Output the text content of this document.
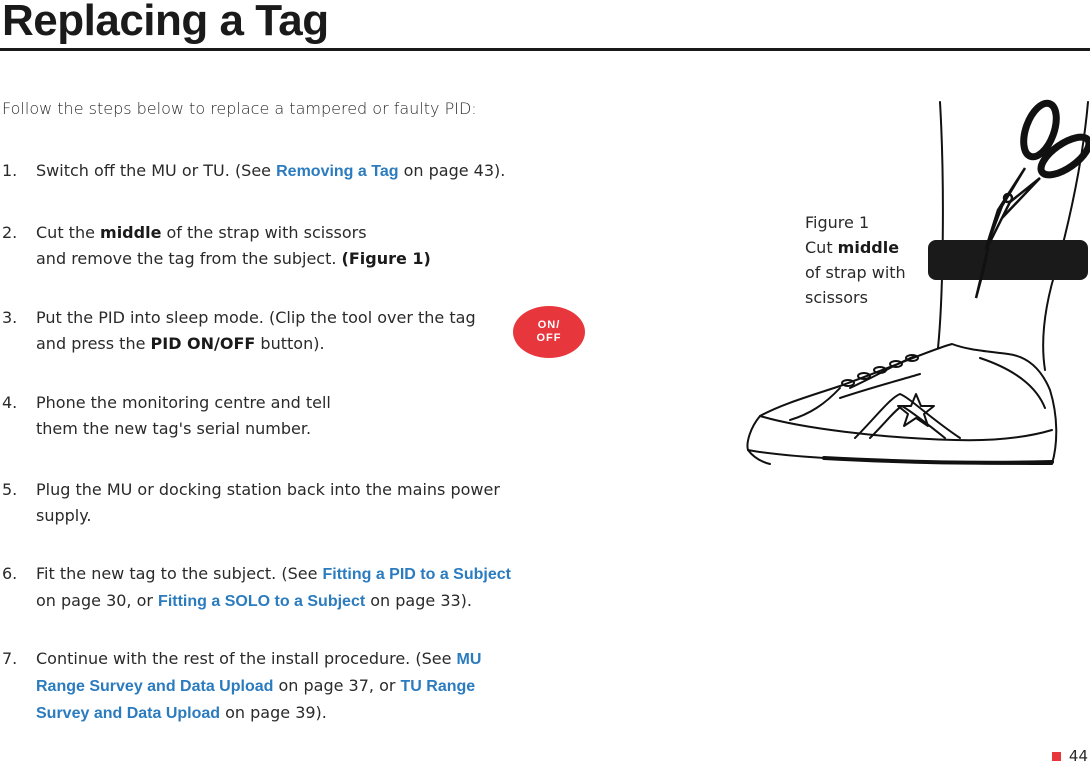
Replacing a Tag
Follow the steps below to replace a tampered or faulty PID:
1. Switch off the MU or TU. (See Removing a Tag on page 43).
2. Cut the middle of the strap with scissors
and remove the tag from the subject. (Figure 1)
3. Put the PID into sleep mode. (Clip the tool over the tag
and press the PID ON/OFF button).
ON/
OFF
4. Phone the monitoring centre and tell
them the new tag's serial number.
5. Plug the MU or docking station back into the mains power
supply.
6. Fit the new tag to the subject. (See Fitting a PID to a Subject
on page 30, or Fitting a SOLO to a Subject on page 33).
7. Continue with the rest of the install procedure. (See MU
Range Survey and Data Upload on page 37, or TU Range
Survey and Data Upload on page 39).
Figure 1
Cut middle
of strap with
scissors
44
